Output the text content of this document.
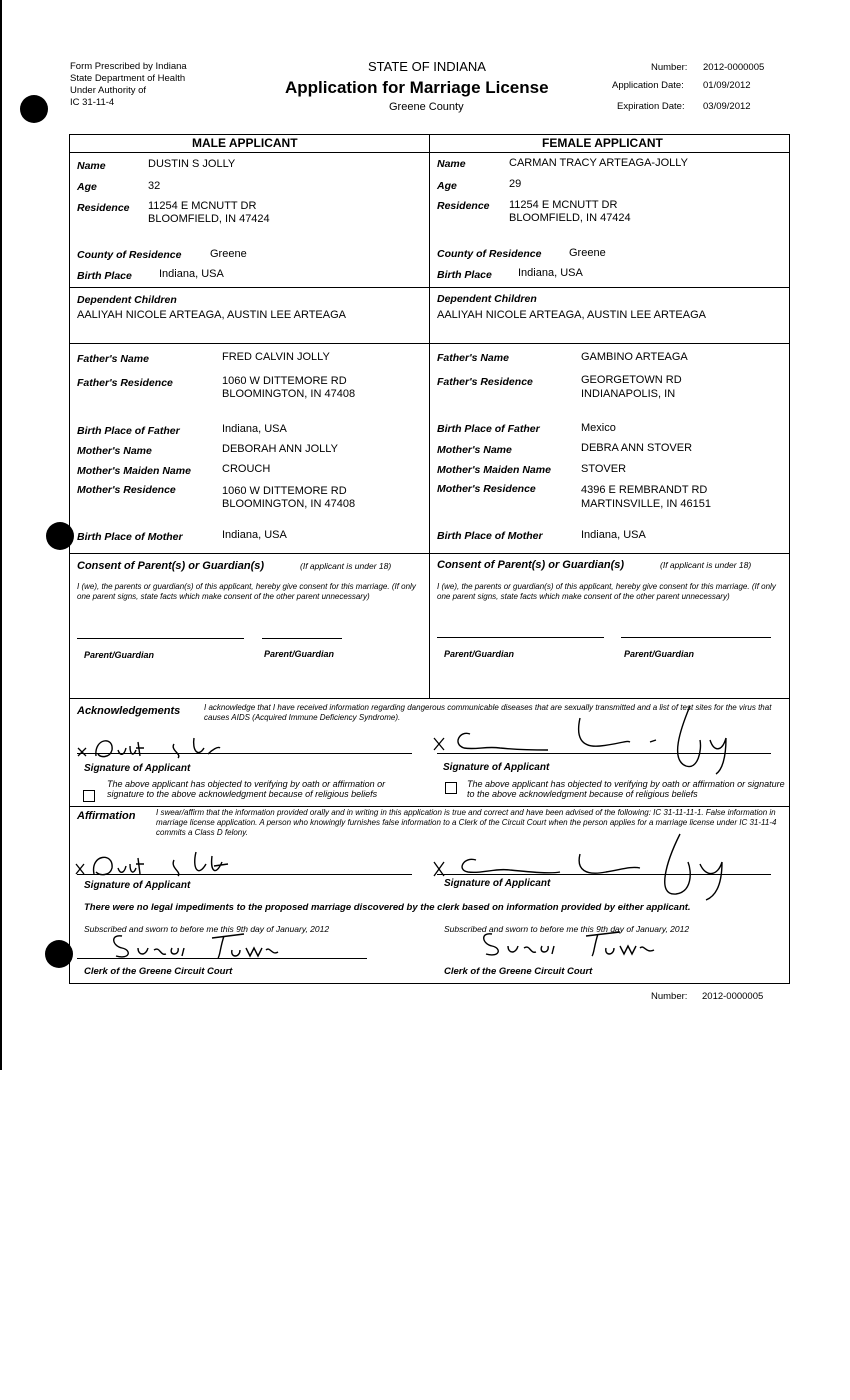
Form Prescribed by Indiana
State Department of Health
Under Authority of
IC 31-11-4
STATE OF INDIANA
Application for Marriage License
Greene County
Number: 2012-0000005
Application Date: 01/09/2012
Expiration Date: 03/09/2012
MALE APPLICANT	FEMALE APPLICANT
Name	DUSTIN S JOLLY
Age	32
Residence 11254 E MCNUTT DR
BLOOMFIELD, IN 47424
County of Residence	Greene
Birth Place Indiana, USA
Dependent Children
AALIYAH NICOLE ARTEAGA, AUSTIN LEE ARTEAGA
Father's Name	FRED CALVIN JOLLY
Father's Residence	1060 W DITTEMORE RD
BLOOMINGTON, IN 47408
Birth Place of Father	Indiana, USA
Mother's Name	DEBORAH ANN JOLLY
Mother's Maiden Name	CROUCH
Mother's Residence	1060 W DITTEMORE RD
BLOOMINGTON, IN 47408
Birth Place of Mother	Indiana, USA
Name	CARMAN TRACY ARTEAGA-JOLLY
Age	29
Residence 11254 E MCNUTT DR
BLOOMFIELD, IN 47424
County of Residence	Greene
Birth Place Indiana, USA
Dependent Children
AALIYAH NICOLE ARTEAGA, AUSTIN LEE ARTEAGA
Father's Name	GAMBINO ARTEAGA
Father's Residence	GEORGETOWN RD
INDIANAPOLIS, IN
Birth Place of Father	Mexico
Mother's Name	DEBRA ANN STOVER
Mother's Maiden Name	STOVER
Mother's Residence	4396 E REMBRANDT RD
MARTINSVILLE, IN 46151
Birth Place of Mother	Indiana, USA
Consent of Parent(s) or Guardian(s)	(If applicant is under 18)
I (we), the parents or guardian(s) of this applicant, hereby give consent for this marriage. (If only one parent signs, state facts which make consent of the other parent unnecessary)
Parent/Guardian	Parent/Guardian
Consent of Parent(s) or Guardian(s)	(If applicant is under 18)
I (we), the parents or guardian(s) of this applicant, hereby give consent for this marriage. (If only one parent signs, state facts which make consent of the other parent unnecessary)
Parent/Guardian	Parent/Guardian
Acknowledgements	I acknowledge that I have received information regarding dangerous communicable diseases that are sexually transmitted and a list of test sites for the virus that causes AIDS (Acquired Immune Deficiency Syndrome).
Signature of Applicant
The above applicant has objected to verifying by oath or affirmation or signature to the above acknowledgment because of religious beliefs
Signature of Applicant
The above applicant has objected to verifying by oath or affirmation or signature to the above acknowledgment because of religious beliefs
Affirmation	I swear/affirm that the information provided orally and in writing in this application is true and correct and have been advised of the following: IC 31-11-11-1. False information in marriage license application. A person who knowingly furnishes false information to a Clerk of the Circuit Court when the person applies for a marriage license under IC 31-11-4 commits a Class D felony.
Signature of Applicant	Signature of Applicant
There were no legal impediments to the proposed marriage discovered by the clerk based on information provided by either applicant.
Subscribed and sworn to before me this 9th day of January, 2012
Clerk of the Greene Circuit Court
Subscribed and sworn to before me this 9th day of January, 2012
Clerk of the Greene Circuit Court
Number: 2012-0000005
